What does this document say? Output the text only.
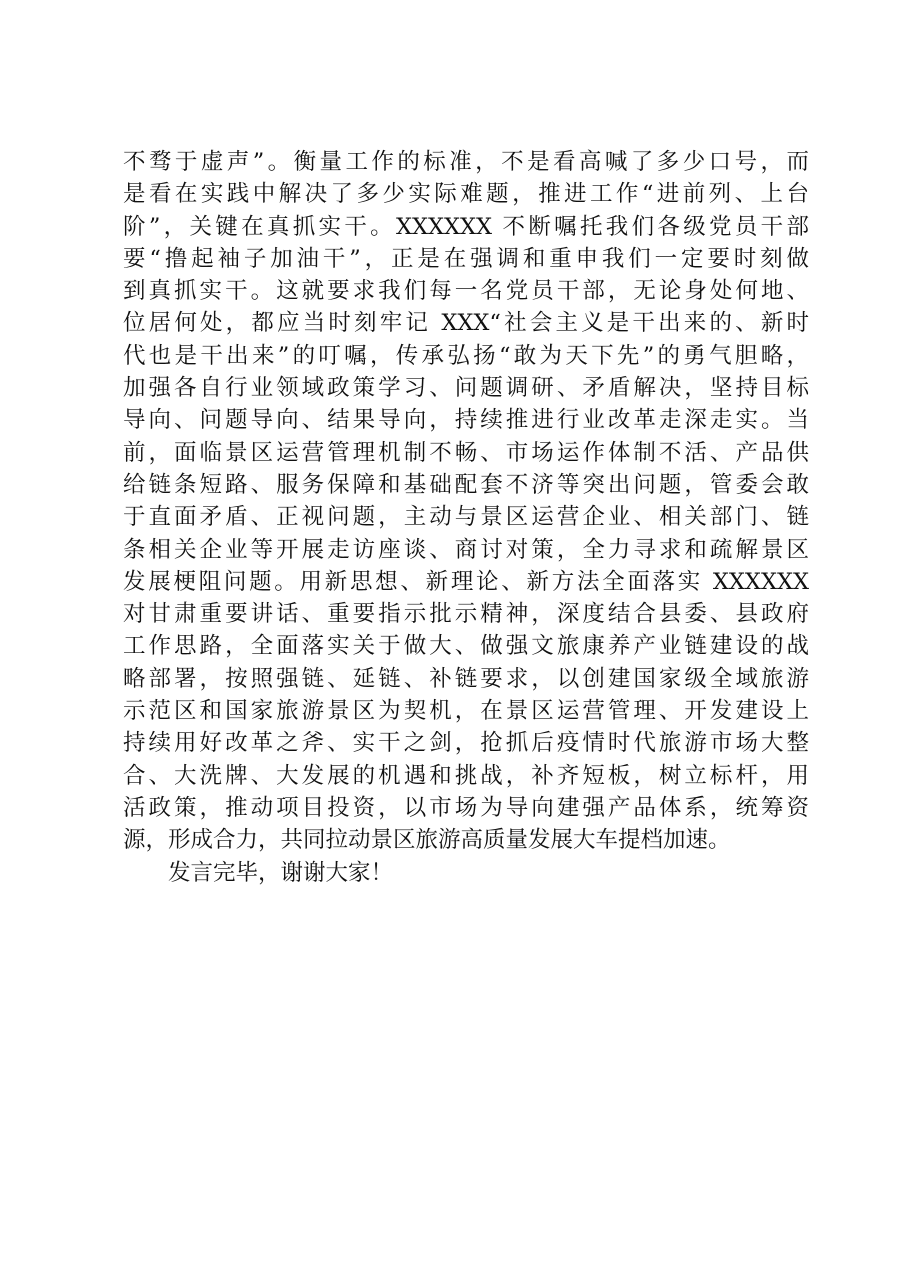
不骛于虚声”。衡量工作的标准，不是看高喊了多少口号，而
是看在实践中解决了多少实际难题，推进工作“进前列、上台
阶”，关键在真抓实干。XXXXXX 不断嘱托我们各级党员干部
要“撸起袖子加油干”，正是在强调和重申我们一定要时刻做
到真抓实干。这就要求我们每一名党员干部，无论身处何地、
位居何处，都应当时刻牢记 XXX“社会主义是干出来的、新时
代也是干出来”的叮嘱，传承弘扬“敢为天下先”的勇气胆略，
加强各自行业领域政策学习、问题调研、矛盾解决，坚持目标
导向、问题导向、结果导向，持续推进行业改革走深走实。当
前，面临景区运营管理机制不畅、市场运作体制不活、产品供
给链条短路、服务保障和基础配套不济等突出问题，管委会敢
于直面矛盾、正视问题，主动与景区运营企业、相关部门、链
条相关企业等开展走访座谈、商讨对策，全力寻求和疏解景区
发展梗阻问题。用新思想、新理论、新方法全面落实 XXXXXX
对甘肃重要讲话、重要指示批示精神，深度结合县委、县政府
工作思路，全面落实关于做大、做强文旅康养产业链建设的战
略部署，按照强链、延链、补链要求，以创建国家级全域旅游
示范区和国家旅游景区为契机，在景区运营管理、开发建设上
持续用好改革之斧、实干之剑，抢抓后疫情时代旅游市场大整
合、大洗牌、大发展的机遇和挑战，补齐短板，树立标杆，用
活政策，推动项目投资，以市场为导向建强产品体系，统筹资
源，形成合力，共同拉动景区旅游高质量发展大车提档加速。
发言完毕，谢谢大家！
